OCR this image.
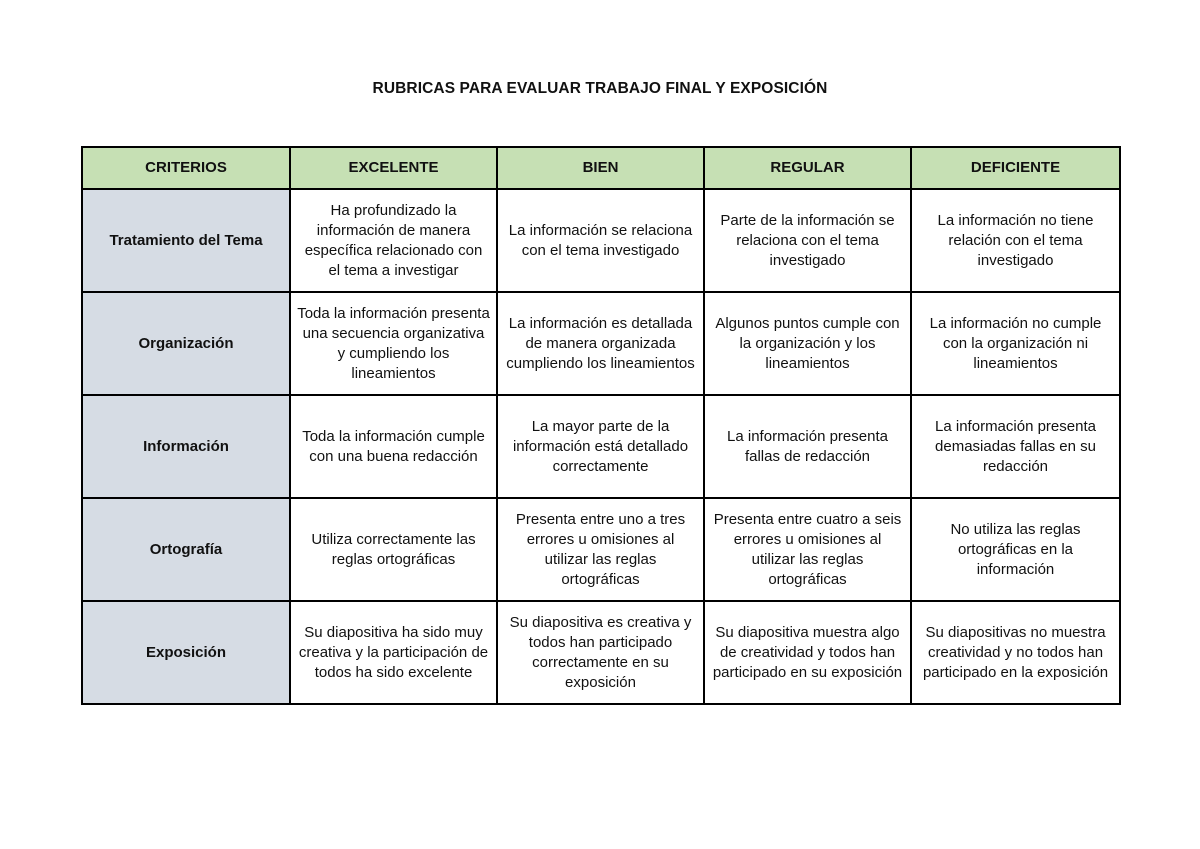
RUBRICAS PARA EVALUAR TRABAJO FINAL Y EXPOSICIÓN
CRITERIOS	EXCELENTE	BIEN	REGULAR	DEFICIENTE
Tratamiento del Tema	Ha profundizado la información de manera específica relacionado con el tema a investigar	La información se relaciona con el tema investigado	Parte de la información se relaciona con el tema investigado	La información no tiene relación con el tema investigado
Organización	Toda la información presenta una secuencia organizativa y cumpliendo los lineamientos	La información es detallada de manera organizada cumpliendo los lineamientos	Algunos puntos cumple con la organización y los lineamientos	La información no cumple con la organización ni lineamientos
Información	Toda la información cumple con una buena redacción	La mayor parte de la información está detallado correctamente	La información presenta fallas de redacción	La información presenta demasiadas fallas en su redacción
Ortografía	Utiliza correctamente las reglas ortográficas	Presenta entre uno a tres errores u omisiones al utilizar las reglas ortográficas	Presenta entre cuatro a seis errores u omisiones al utilizar las reglas ortográficas	No utiliza las reglas ortográficas en la información
Exposición	Su diapositiva ha sido muy creativa y la participación de todos ha sido excelente	Su diapositiva es creativa y todos han participado correctamente en su exposición	Su diapositiva muestra algo de creatividad y todos han participado en su exposición	Su diapositivas no muestra creatividad y no todos han participado en la exposición
